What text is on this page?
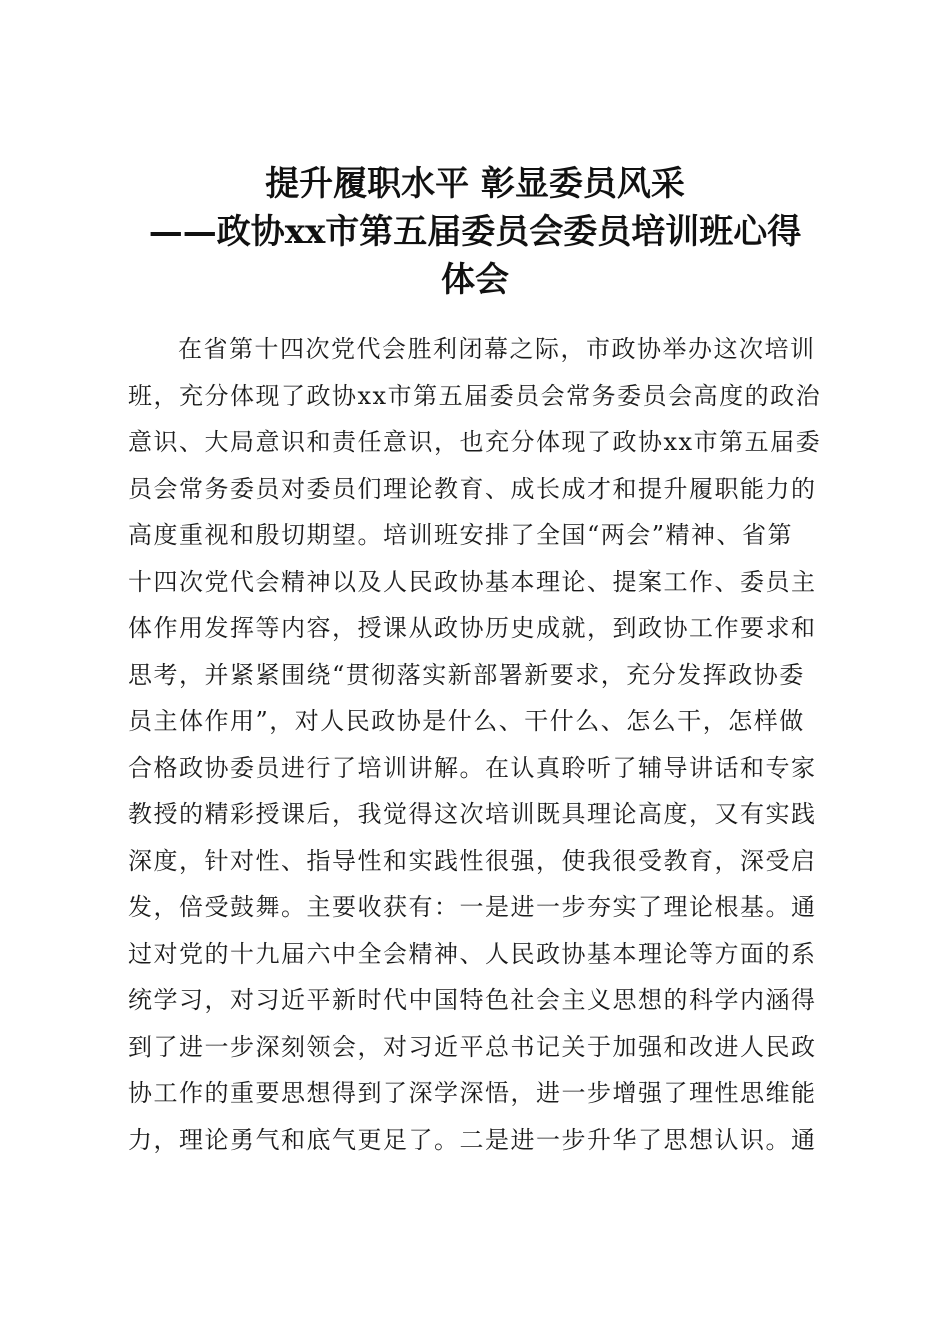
提升履职水平 彰显委员风采
——政协xx市第五届委员会委员培训班心得
体会
在省第十四次党代会胜利闭幕之际，市政协举办这次培训
班，充分体现了政协xx市第五届委员会常务委员会高度的政治
意识、大局意识和责任意识，也充分体现了政协xx市第五届委
员会常务委员对委员们理论教育、成长成才和提升履职能力的
高度重视和殷切期望。培训班安排了全国“两会”精神、省第
十四次党代会精神以及人民政协基本理论、提案工作、委员主
体作用发挥等内容，授课从政协历史成就，到政协工作要求和
思考，并紧紧围绕“贯彻落实新部署新要求，充分发挥政协委
员主体作用”，对人民政协是什么、干什么、怎么干，怎样做
合格政协委员进行了培训讲解。在认真聆听了辅导讲话和专家
教授的精彩授课后，我觉得这次培训既具理论高度，又有实践
深度，针对性、指导性和实践性很强，使我很受教育，深受启
发，倍受鼓舞。主要收获有：一是进一步夯实了理论根基。通
过对党的十九届六中全会精神、人民政协基本理论等方面的系
统学习，对习近平新时代中国特色社会主义思想的科学内涵得
到了进一步深刻领会，对习近平总书记关于加强和改进人民政
协工作的重要思想得到了深学深悟，进一步增强了理性思维能
力，理论勇气和底气更足了。二是进一步升华了思想认识。通
